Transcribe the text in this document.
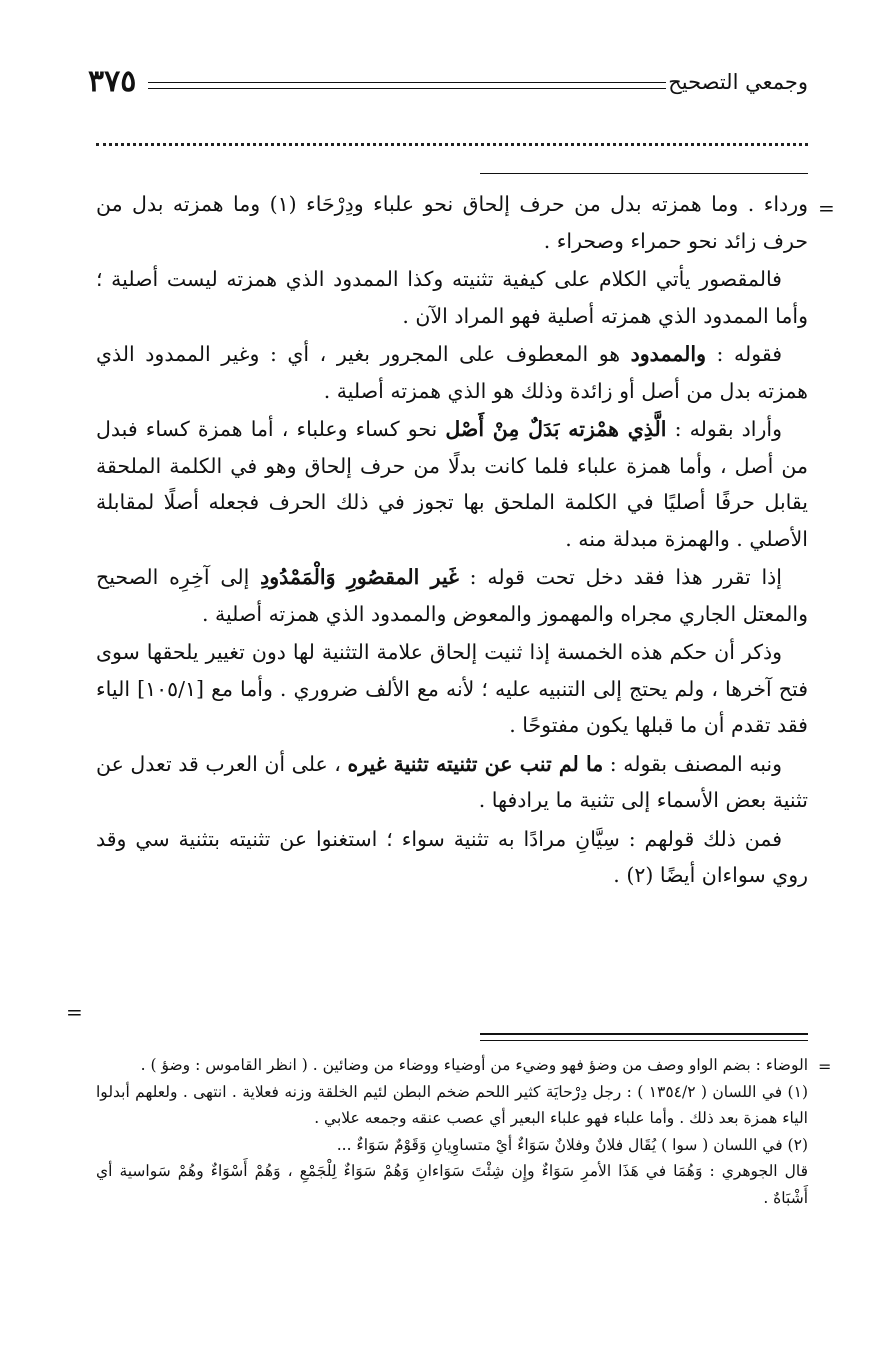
وجمعي التصحيح
٣٧٥
=

ورداء . وما همزته بدل من حرف إلحاق نحو علباء ودِرْحَاء (١) وما همزته بدل من حرف زائد نحو حمراء وصحراء .

فالمقصور يأتي الكلام على كيفية تثنيته وكذا الممدود الذي همزته ليست أصلية ؛ وأما الممدود الذي همزته أصلية فهو المراد الآن .

فقوله : والممدود هو المعطوف على المجرور بغير ، أي : وغير الممدود الذي همزته بدل من أصل أو زائدة وذلك هو الذي همزته أصلية .

وأراد بقوله : الَّذِي همْزته بَدَلٌ مِنْ أَصْل نحو كساء وعلباء ، أما همزة كساء فبدل من أصل ، وأما همزة علباء فلما كانت بدلًا من حرف إلحاق وهو في الكلمة الملحقة يقابل حرفًا أصليًا في الكلمة الملحق بها تجوز في ذلك الحرف فجعله أصلًا لمقابلة الأصلي . والهمزة مبدلة منه .

إذا تقرر هذا فقد دخل تحت قوله : غَير المقصُورِ وَالْمَمْدُودِ إلى آخِرِه الصحيح والمعتل الجاري مجراه والمهموز والمعوض والممدود الذي همزته أصلية .

وذكر أن حكم هذه الخمسة إذا ثنيت إلحاق علامة التثنية لها دون تغيير يلحقها سوى فتح آخرها ، ولم يحتج إلى التنبيه عليه ؛ لأنه مع الألف ضروري . وأما مع [١٠٥/١] الياء فقد تقدم أن ما قبلها يكون مفتوحًا .

ونبه المصنف بقوله : ما لم تنب عن تثنيته تثنية غيره ، على أن العرب قد تعدل عن تثنية بعض الأسماء إلى تثنية ما يرادفها .

فمن ذلك قولهم : سِيَّانِ مرادًا به تثنية سواء ؛ استغنوا عن تثنيته بتثنية سي وقد روي سواءان أيضًا (٢) .

=
=

الوضاء : بضم الواو وصف من وضؤ فهو وضيء من أوضياء ووضاء من وضائين . ( انظر القاموس : وضؤ ) .

(١) في اللسان ( ١٣٥٤/٢ ) : رجل دِرْحايَة كثير اللحم ضخم البطن لئيم الخلقة وزنه فعلاية . انتهى . ولعلهم أبدلوا الياء همزة بعد ذلك . وأما علباء فهو علباء البعير أي عصب عنقه وجمعه علابي .

(٢) في اللسان ( سوا ) يُقَال فلانٌ وفلانٌ سَوَاءٌ أيْ متساوِيانِ وَقَوْمٌ سَوَاءٌ ...

قال الجوهري : وَهُمَا في هَذَا الأمرِ سَوَاءٌ وإِن شِئْتَ سَوَاءانِ وَهُمْ سَوَاءٌ لِلْجَمْعِ ، وَهُمْ أَسْوَاءٌ وهُمْ سَواسية أي أَشْبَاهٌ .
